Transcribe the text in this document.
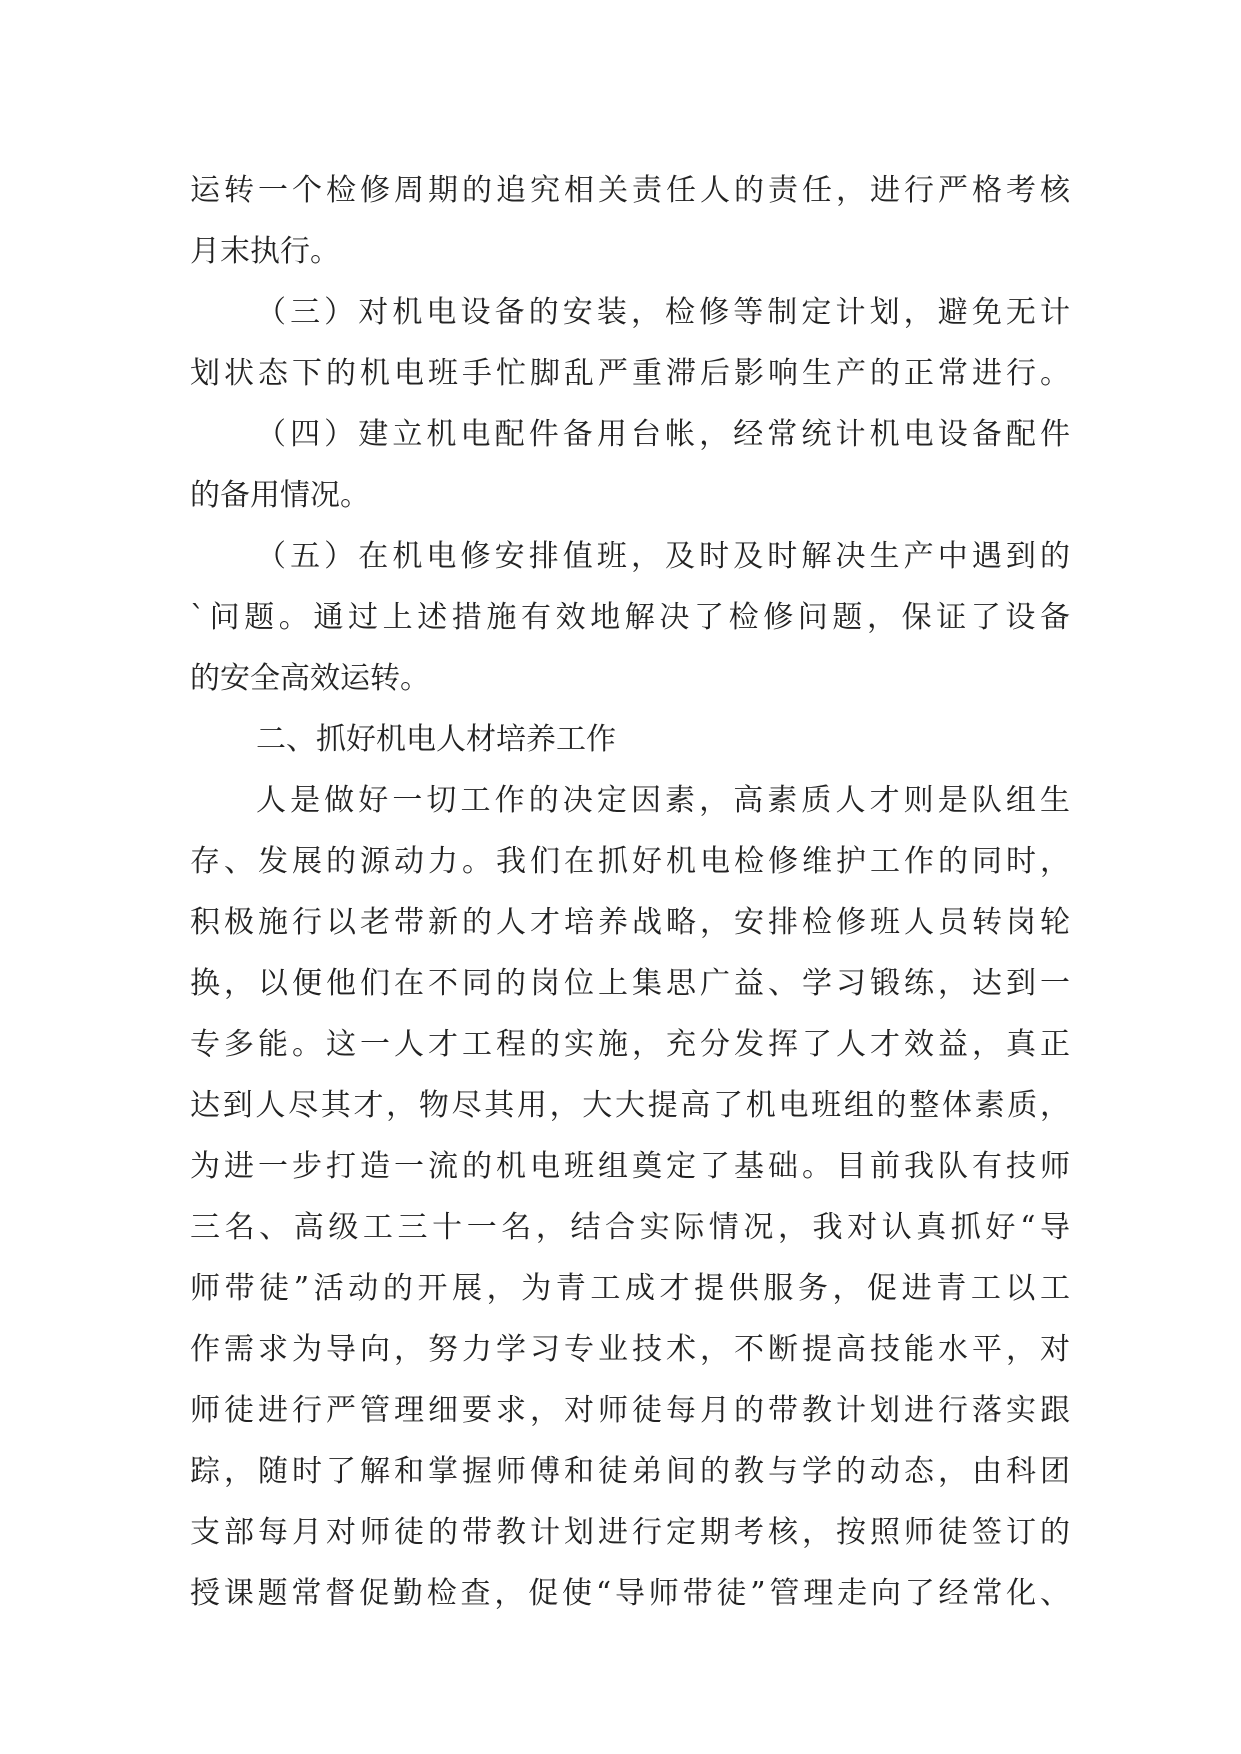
运转一个检修周期的追究相关责任人的责任，进行严格考核
月末执行。
（三）对机电设备的安装，检修等制定计划，避免无计
划状态下的机电班手忙脚乱严重滞后影响生产的正常进行。
（四）建立机电配件备用台帐，经常统计机电设备配件
的备用情况。
（五）在机电修安排值班，及时及时解决生产中遇到的
`问题。通过上述措施有效地解决了检修问题，保证了设备
的安全高效运转。
二、抓好机电人材培养工作
人是做好一切工作的决定因素，高素质人才则是队组生
存、发展的源动力。我们在抓好机电检修维护工作的同时，
积极施行以老带新的人才培养战略，安排检修班人员转岗轮
换，以便他们在不同的岗位上集思广益、学习锻练，达到一
专多能。这一人才工程的实施，充分发挥了人才效益，真正
达到人尽其才，物尽其用，大大提高了机电班组的整体素质，
为进一步打造一流的机电班组奠定了基础。目前我队有技师
三名、高级工三十一名，结合实际情况，我对认真抓好“导
师带徒”活动的开展，为青工成才提供服务，促进青工以工
作需求为导向，努力学习专业技术，不断提高技能水平，对
师徒进行严管理细要求，对师徒每月的带教计划进行落实跟
踪，随时了解和掌握师傅和徒弟间的教与学的动态，由科团
支部每月对师徒的带教计划进行定期考核，按照师徒签订的
授课题常督促勤检查，促使“导师带徒”管理走向了经常化、
